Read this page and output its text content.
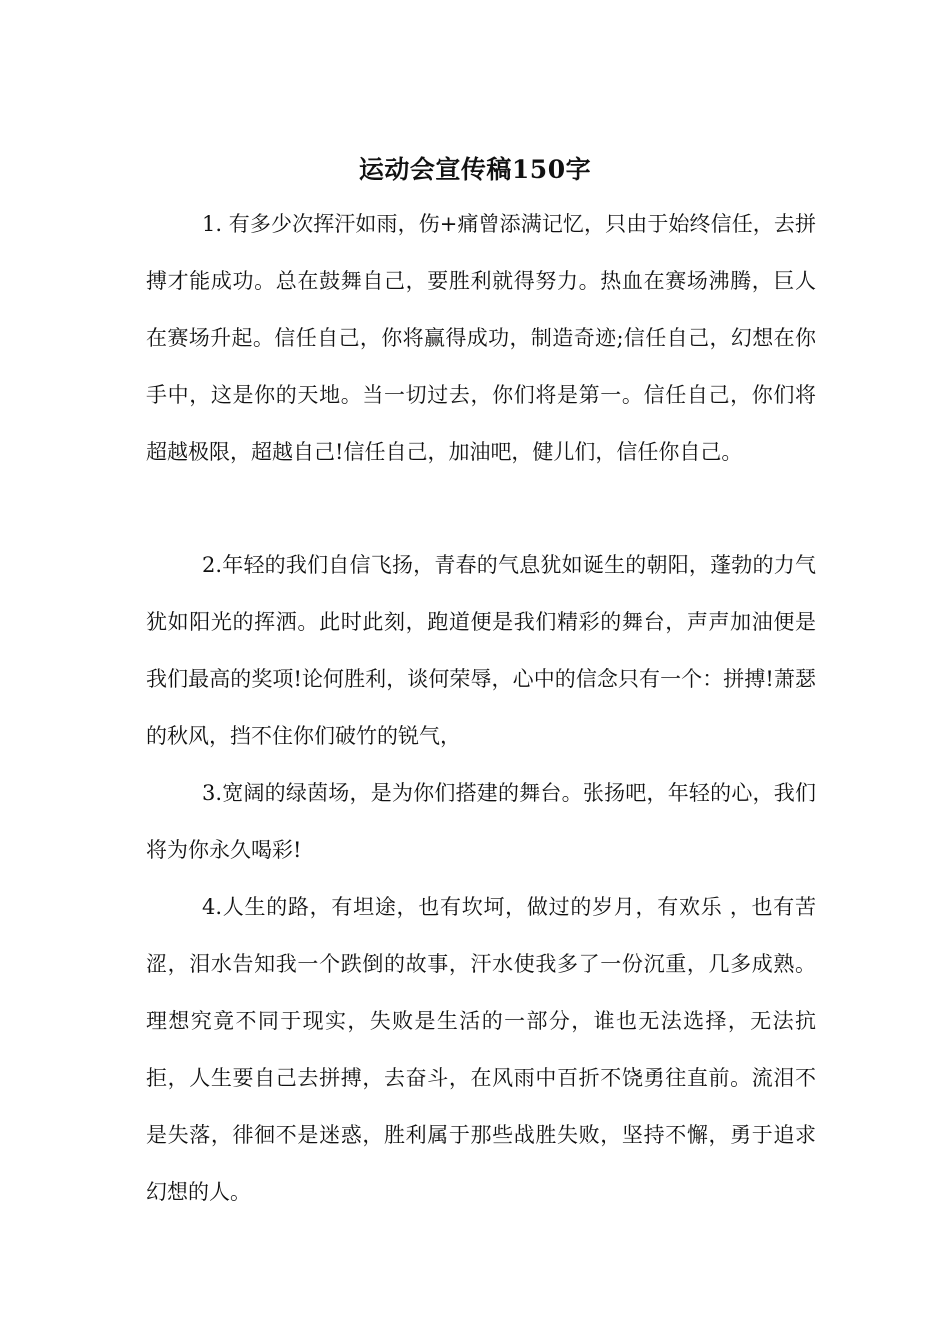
运动会宣传稿150字

1. 有多少次挥汗如雨，伤+痛曾添满记忆，只由于始终信任，去拼搏才能成功。总在鼓舞自己，要胜利就得努力。热血在赛场沸腾，巨人在赛场升起。信任自己，你将赢得成功，制造奇迹;信任自己，幻想在你手中，这是你的天地。当一切过去，你们将是第一。信任自己，你们将超越极限，超越自己!信任自己，加油吧，健儿们，信任你自己。

2.年轻的我们自信飞扬，青春的气息犹如诞生的朝阳，蓬勃的力气犹如阳光的挥洒。此时此刻，跑道便是我们精彩的舞台，声声加油便是我们最高的奖项!论何胜利，谈何荣辱，心中的信念只有一个：拼搏!萧瑟的秋风，挡不住你们破竹的锐气，

3.宽阔的绿茵场，是为你们搭建的舞台。张扬吧，年轻的心，我们将为你永久喝彩!

4.人生的路，有坦途，也有坎坷，做过的岁月，有欢乐 ，也有苦涩，泪水告知我一个跌倒的故事，汗水使我多了一份沉重，几多成熟。理想究竟不同于现实，失败是生活的一部分，谁也无法选择，无法抗拒，人生要自己去拼搏，去奋斗，在风雨中百折不饶勇往直前。流泪不是失落，徘徊不是迷惑，胜利属于那些战胜失败，坚持不懈，勇于追求幻想的人。
